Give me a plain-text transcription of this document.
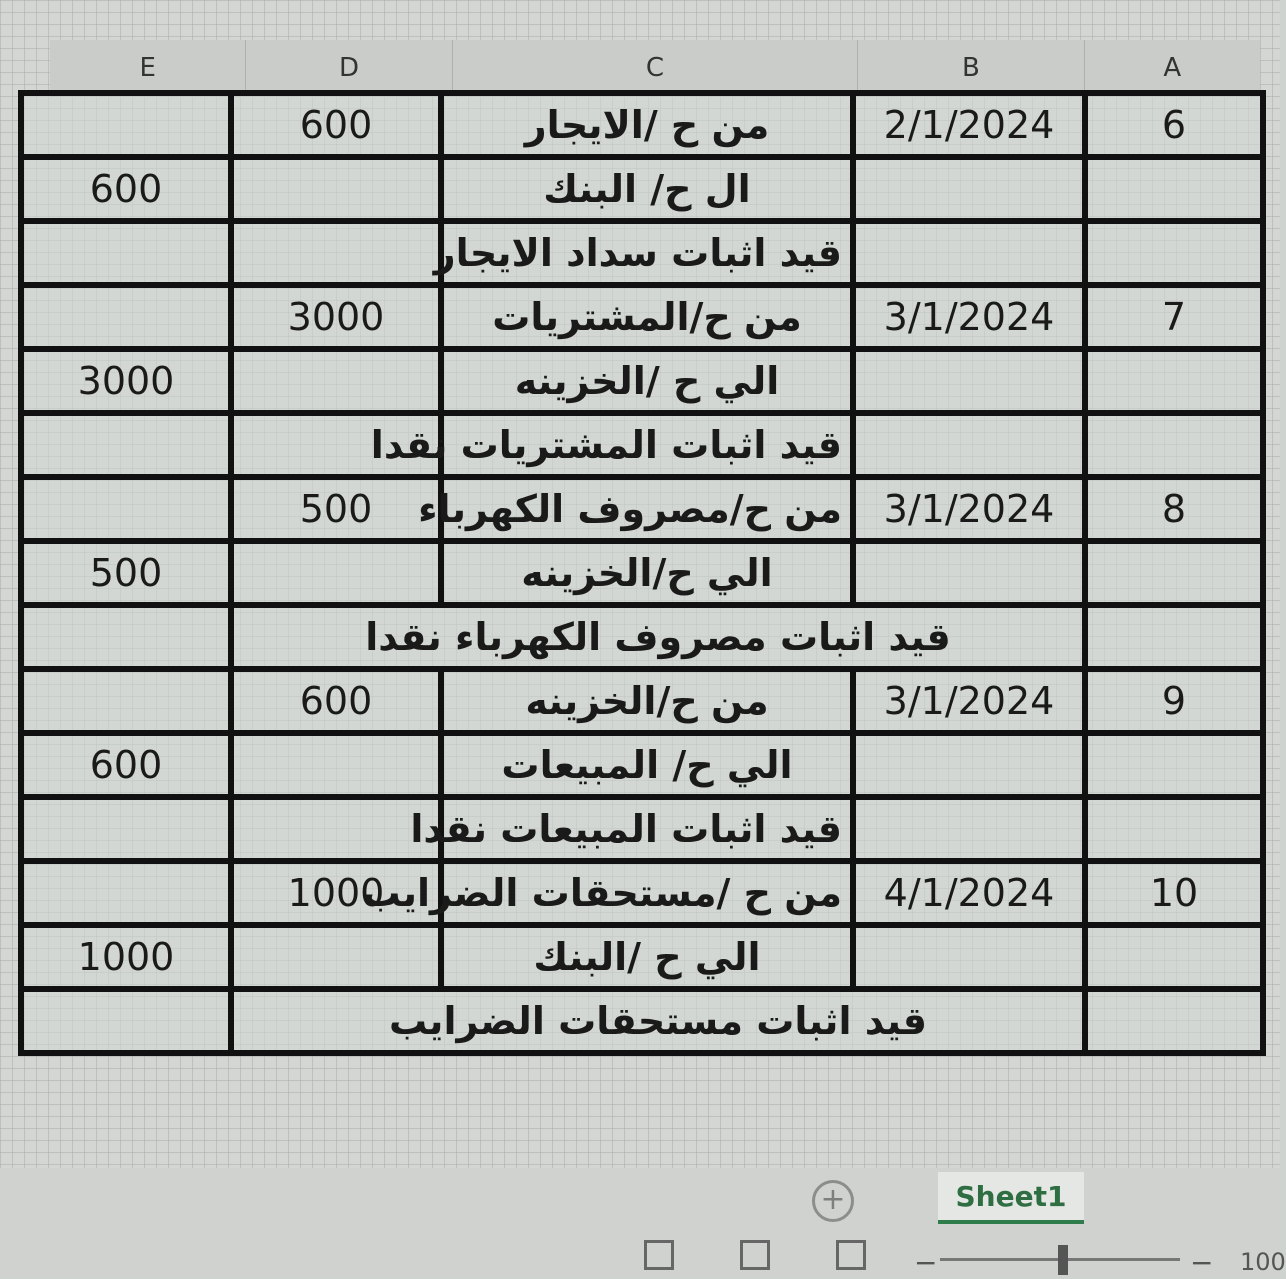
E	D	C	B	A
	600	من ح /الايجار	2/1/2024	6
600		ال ح/ البنك		
		قيد اثبات سداد الايجار		
	3000	من ح/المشتريات	3/1/2024	7
3000		الي ح /الخزينه		
		قيد اثبات المشتريات نقدا		
	500	من ح/مصروف الكهرباء	3/1/2024	8
500		الي ح/الخزينه		
	قيد اثبات مصروف الكهرباء نقدا			
	600	من ح/الخزينه	3/1/2024	9
600		الي ح/ المبيعات		
		قيد اثبات المبيعات نقدا		
	1000	من ح /مستحقات الضرايب	4/1/2024	10
1000		الي ح /البنك		
	قيد اثبات مستحقات الضرايب			
+	Sheet1
−	− 100
